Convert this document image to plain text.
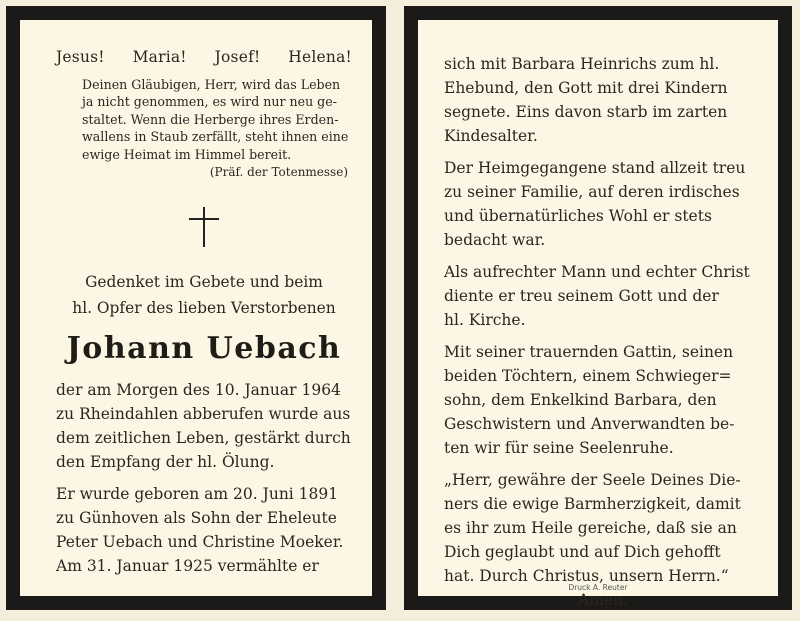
Jesus! Maria! Josef! Helena!

Deinen Gläubigen, Herr, wird das Leben

ja nicht genommen, es wird nur neu ge-

staltet. Wenn die Herberge ihres Erden-

wallens in Staub zerfällt, steht ihnen eine

ewige Heimat im Himmel bereit.

(Präf. der Totenmesse)
Gedenket im Gebete und beim
hl. Opfer des lieben Verstorbenen
Johann Uebach

der am Morgen des 10. Januar 1964
zu Rheindahlen abberufen wurde aus
dem zeitlichen Leben, gestärkt durch
den Empfang der hl. Ölung.

Er wurde geboren am 20. Juni 1891
zu Günhoven als Sohn der Eheleute
Peter Uebach und Christine Moeker.
Am 31. Januar 1925 vermählte er

sich mit Barbara Heinrichs zum hl.
Ehebund, den Gott mit drei Kindern
segnete. Eins davon starb im zarten
Kindesalter.

Der Heimgegangene stand allzeit treu
zu seiner Familie, auf deren irdisches
und übernatürliches Wohl er stets
bedacht war.

Als aufrechter Mann und echter Christ
diente er treu seinem Gott und der
hl. Kirche.

Mit seiner trauernden Gattin, seinen
beiden Töchtern, einem Schwieger=
sohn, dem Enkelkind Barbara, den
Geschwistern und Anverwandten be-
ten wir für seine Seelenruhe.

„Herr, gewähre der Seele Deines Die-
ners die ewige Barmherzigkeit, damit
es ihr zum Heile gereiche, daß sie an
Dich geglaubt und auf Dich gehofft
hat. Durch Christus, unsern Herrn.“

Amen.
Druck A. Reuter
